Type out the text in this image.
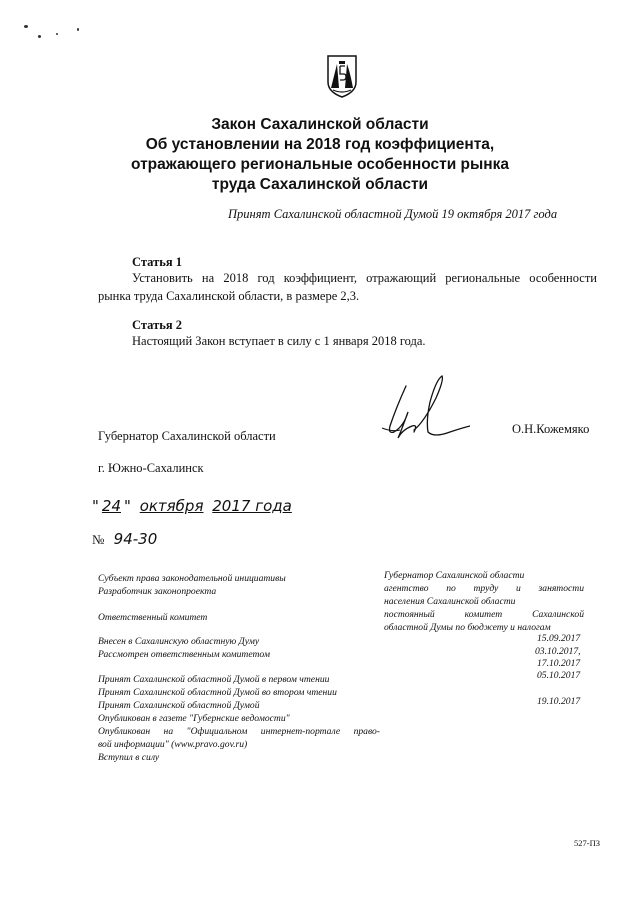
Закон Сахалинской области
Об установлении на 2018 год коэффициента,
отражающего региональные особенности рынка
труда Сахалинской области
Принят Сахалинской областной Думой 19 октября 2017 года
Статья 1
Установить на 2018 год коэффициент, отражающий региональные особенности
рынка труда Сахалинской области, в размере 2,3.
Статья 2
Настоящий Закон вступает в силу с 1 января 2018 года.
Губернатор Сахалинской области	О.Н.Кожемяко
г. Южно-Сахалинск
" 24 " октября 2017 года
№ 94-30
Субъект права законодательной инициативы
Разработчик законопроекта
Ответственный комитет
Внесен в Сахалинскую областную Думу
Рассмотрен ответственным комитетом
Принят Сахалинской областной Думой в первом чтении
Принят Сахалинской областной Думой во втором чтении
Принят Сахалинской областной Думой
Опубликован в газете "Губернские ведомости"
Опубликован на "Официальном интернет-портале право-
вой информации" (www.pravo.gov.ru)
Вступил в силу
Губернатор Сахалинской области
агентство по труду и занятости
населения Сахалинской области
постоянный комитет Сахалинской
областной Думы по бюджету и налогам
15.09.2017
03.10.2017,
17.10.2017
05.10.2017
19.10.2017
527-ПЗ
